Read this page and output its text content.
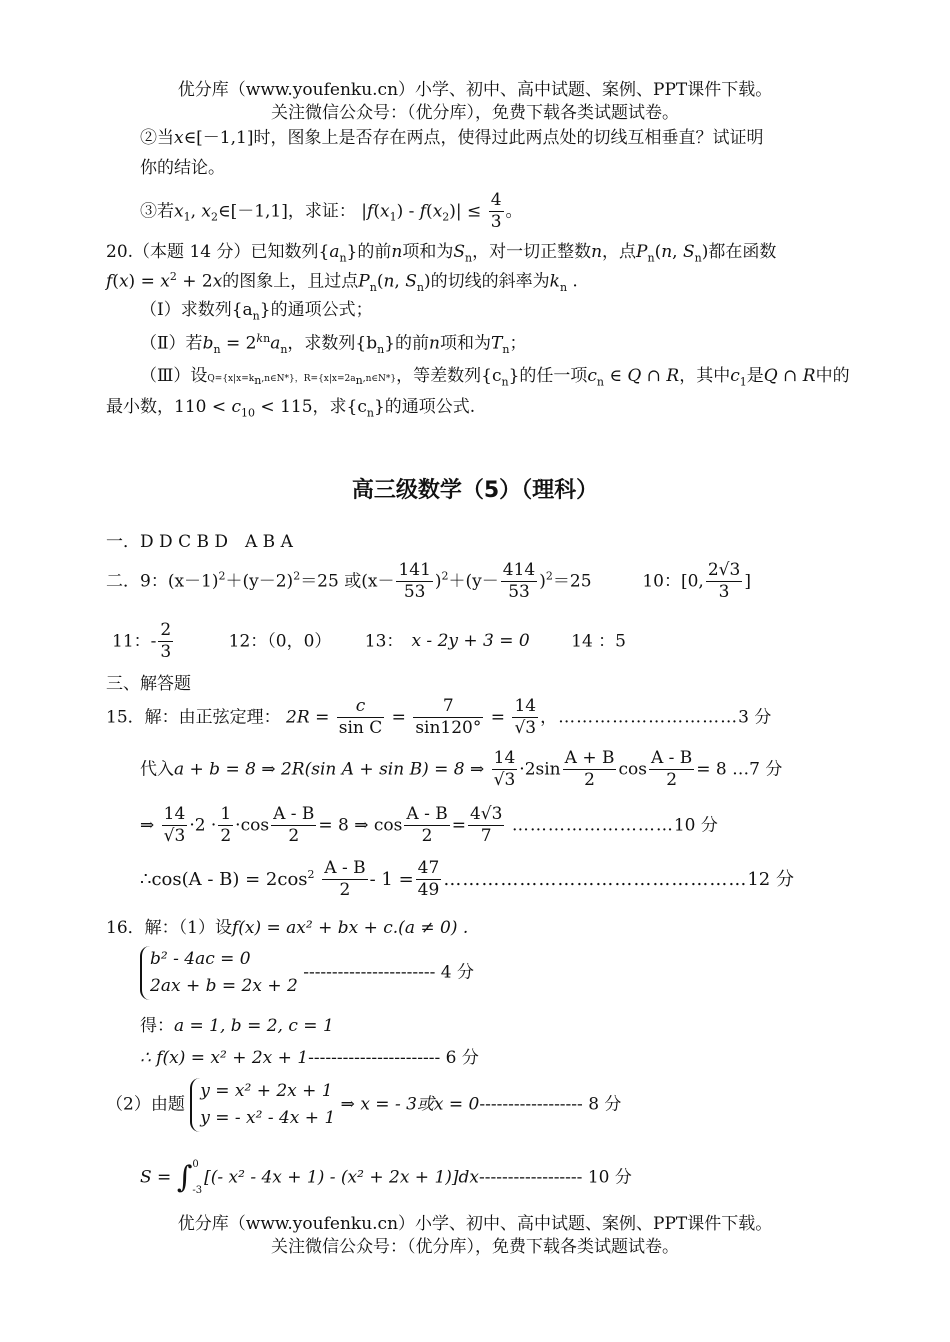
优分库（www.youfenku.cn）小学、初中、高中试题、案例、PPT课件下载。
关注微信公众号：（优分库），免费下载各类试题试卷。
②当x∈[－1,1]时，图象上是否存在两点，使得过此两点处的切线互相垂直？试证明
你的结论。
③若$x_1$, $x_2\in[-1,1]$，求证： $|f(x_1) - f(x_2)| \le \frac{4}{3}$ 。
20.（本题 14 分）已知数列$\{a_n\}$的前n项和为$S_n$，对一切正整数n，点$P_n(n$, $S_n$)都在函数
$f(x) = x^2 + 2x$的图象上，且过点$P_n(n$, $S_n$)的切线的斜率为$k_n$ .
（Ⅰ）求数列$\{a_n\}$的通项公式；
（Ⅱ）若$b_n = 2^{kn}a_n$，求数列$\{b_n\}$的前n项和为$T_n$；
（Ⅲ）设Q={x|x=kn,n∈N*}，R={x|x=2an,n∈N*}，等差数列$\{c_n\}$的任一项$c_n$ ∈ Q ∩ R，其中$c_1$是Q ∩ R中的
最小数，$110 < c_{10} < 115$，求$\{c_n\}$的通项公式.
高三级数学（5）（理科）
一．D D C B D　A B A
二．9：$(x-1)^2+(y-2)^2=25$ 或$(x- \frac{141}{53} )^2+(y- \frac{414}{53} )^2=25$	10：[0, $\frac{2√3}{3}$ ]
11：- $\frac{2}{3}$	12：（0，0） 13： x - 2y + 3 = 0 14 ：5
三、解答题
15．解：由正弦定理： $2R = \frac{c}{\text{sin C}} = \frac{7}{\sin 120^\circ} = \frac{14}{√3}$ ，…………………………3 分
代入a + b = 8 ⇒ 2R(sin A + sin B) = 8 ⇒ $\frac{14}{√3} \cdot 2\sin \frac{A + B}{2}$ $\cos \frac{A - B}{2} = 8$ …7 分
⇒ $\frac{14}{√3} \cdot 2 \cdot \frac{1}{2} \cdot\cos \frac{A - B}{2} = 8$ ⇒ $\cos \frac{A - B}{2} = \frac{4√3}{7}$ ………………………10 分
∴cos(A - $B) = 2\cos^2 \frac{A - B}{2} - 1 = \frac{47}{49}$ …………………………………………12 分
16．解：（1）设f(x) = ax² + bx + c.(a ≠ 0) .
b² - 4ac = 0
2ax + b = 2x + 2 ----------------------- 4 分
得：a = 1, b = 2, c = 1
∴ f(x) = x² + 2x + 1----------------------- 6 分
（2）由题 y = x² + 2x + 1
y = - x² - 4x + 1 ⇒ x = - 3或x = 0------------------ 8 分
S = ∫0
-3[(- x² - 4x + 1) - (x² + 2x + 1)]dx------------------ 10 分
优分库（www.youfenku.cn）小学、初中、高中试题、案例、PPT课件下载。
关注微信公众号：（优分库），免费下载各类试题试卷。
